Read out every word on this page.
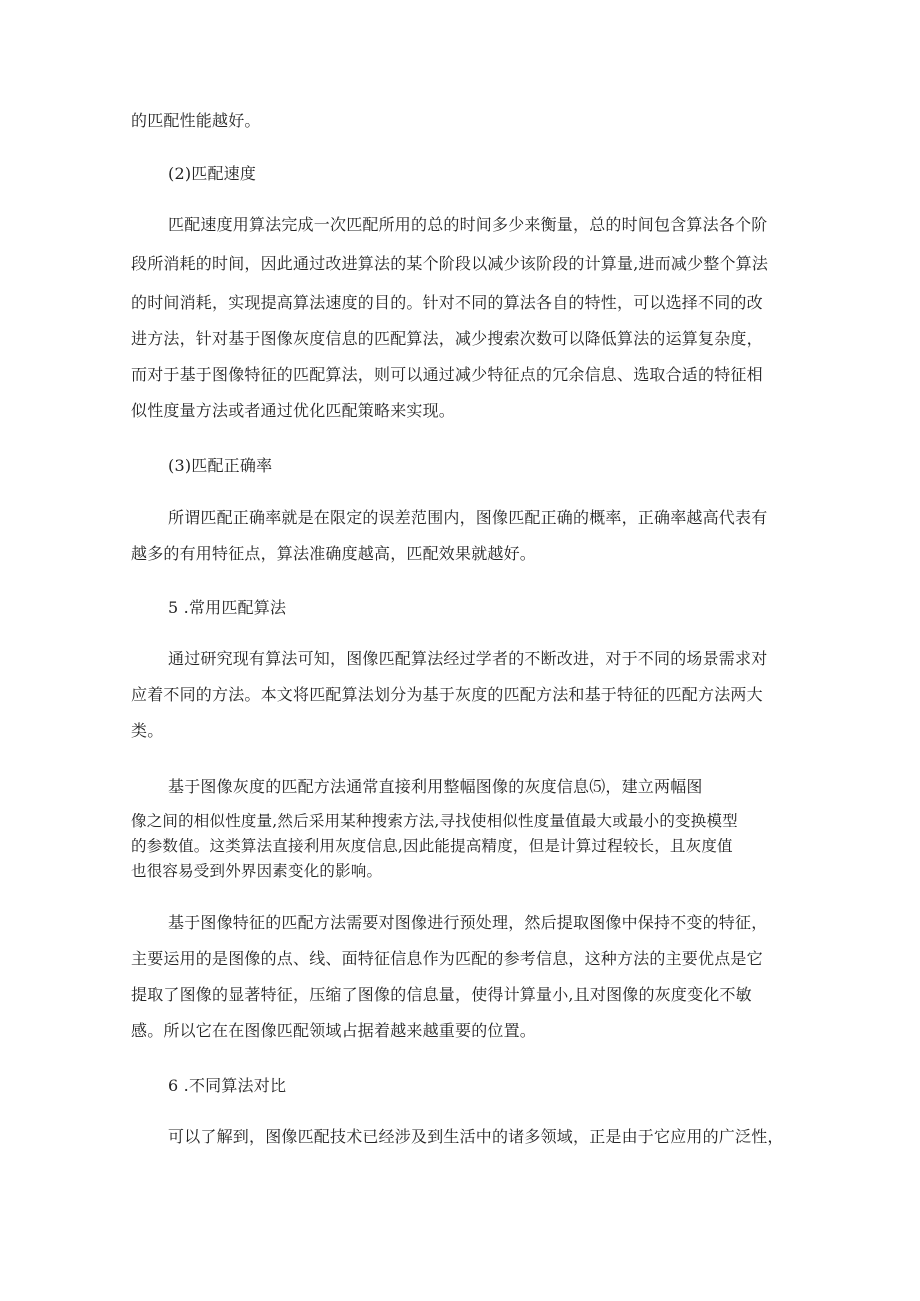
的匹配性能越好。
(2)匹配速度
匹配速度用算法完成一次匹配所用的总的时间多少来衡量，总的时间包含算法各个阶
段所消耗的时间，因此通过改进算法的某个阶段以减少该阶段的计算量,进而减少整个算法
的时间消耗，实现提高算法速度的目的。针对不同的算法各自的特性，可以选择不同的改
进方法，针对基于图像灰度信息的匹配算法，减少搜索次数可以降低算法的运算复杂度，
而对于基于图像特征的匹配算法，则可以通过减少特征点的冗余信息、选取合适的特征相
似性度量方法或者通过优化匹配策略来实现。
(3)匹配正确率
所谓匹配正确率就是在限定的误差范围内，图像匹配正确的概率，正确率越高代表有
越多的有用特征点，算法准确度越高，匹配效果就越好。
5 .常用匹配算法
通过研究现有算法可知，图像匹配算法经过学者的不断改进，对于不同的场景需求对
应着不同的方法。本文将匹配算法划分为基于灰度的匹配方法和基于特征的匹配方法两大
类。
基于图像灰度的匹配方法通常直接利用整幅图像的灰度信息⑸，建立两幅图
像之间的相似性度量,然后采用某种搜索方法,寻找使相似性度量值最大或最小的变换模型
的参数值。这类算法直接利用灰度信息,因此能提高精度，但是计算过程较长，且灰度值
也很容易受到外界因素变化的影响。
基于图像特征的匹配方法需要对图像进行预处理，然后提取图像中保持不变的特征，
主要运用的是图像的点、线、面特征信息作为匹配的参考信息，这种方法的主要优点是它
提取了图像的显著特征，压缩了图像的信息量，使得计算量小,且对图像的灰度变化不敏
感。所以它在在图像匹配领域占据着越来越重要的位置。
6 .不同算法对比
可以了解到，图像匹配技术已经涉及到生活中的诸多领域，正是由于它应用的广泛性，
